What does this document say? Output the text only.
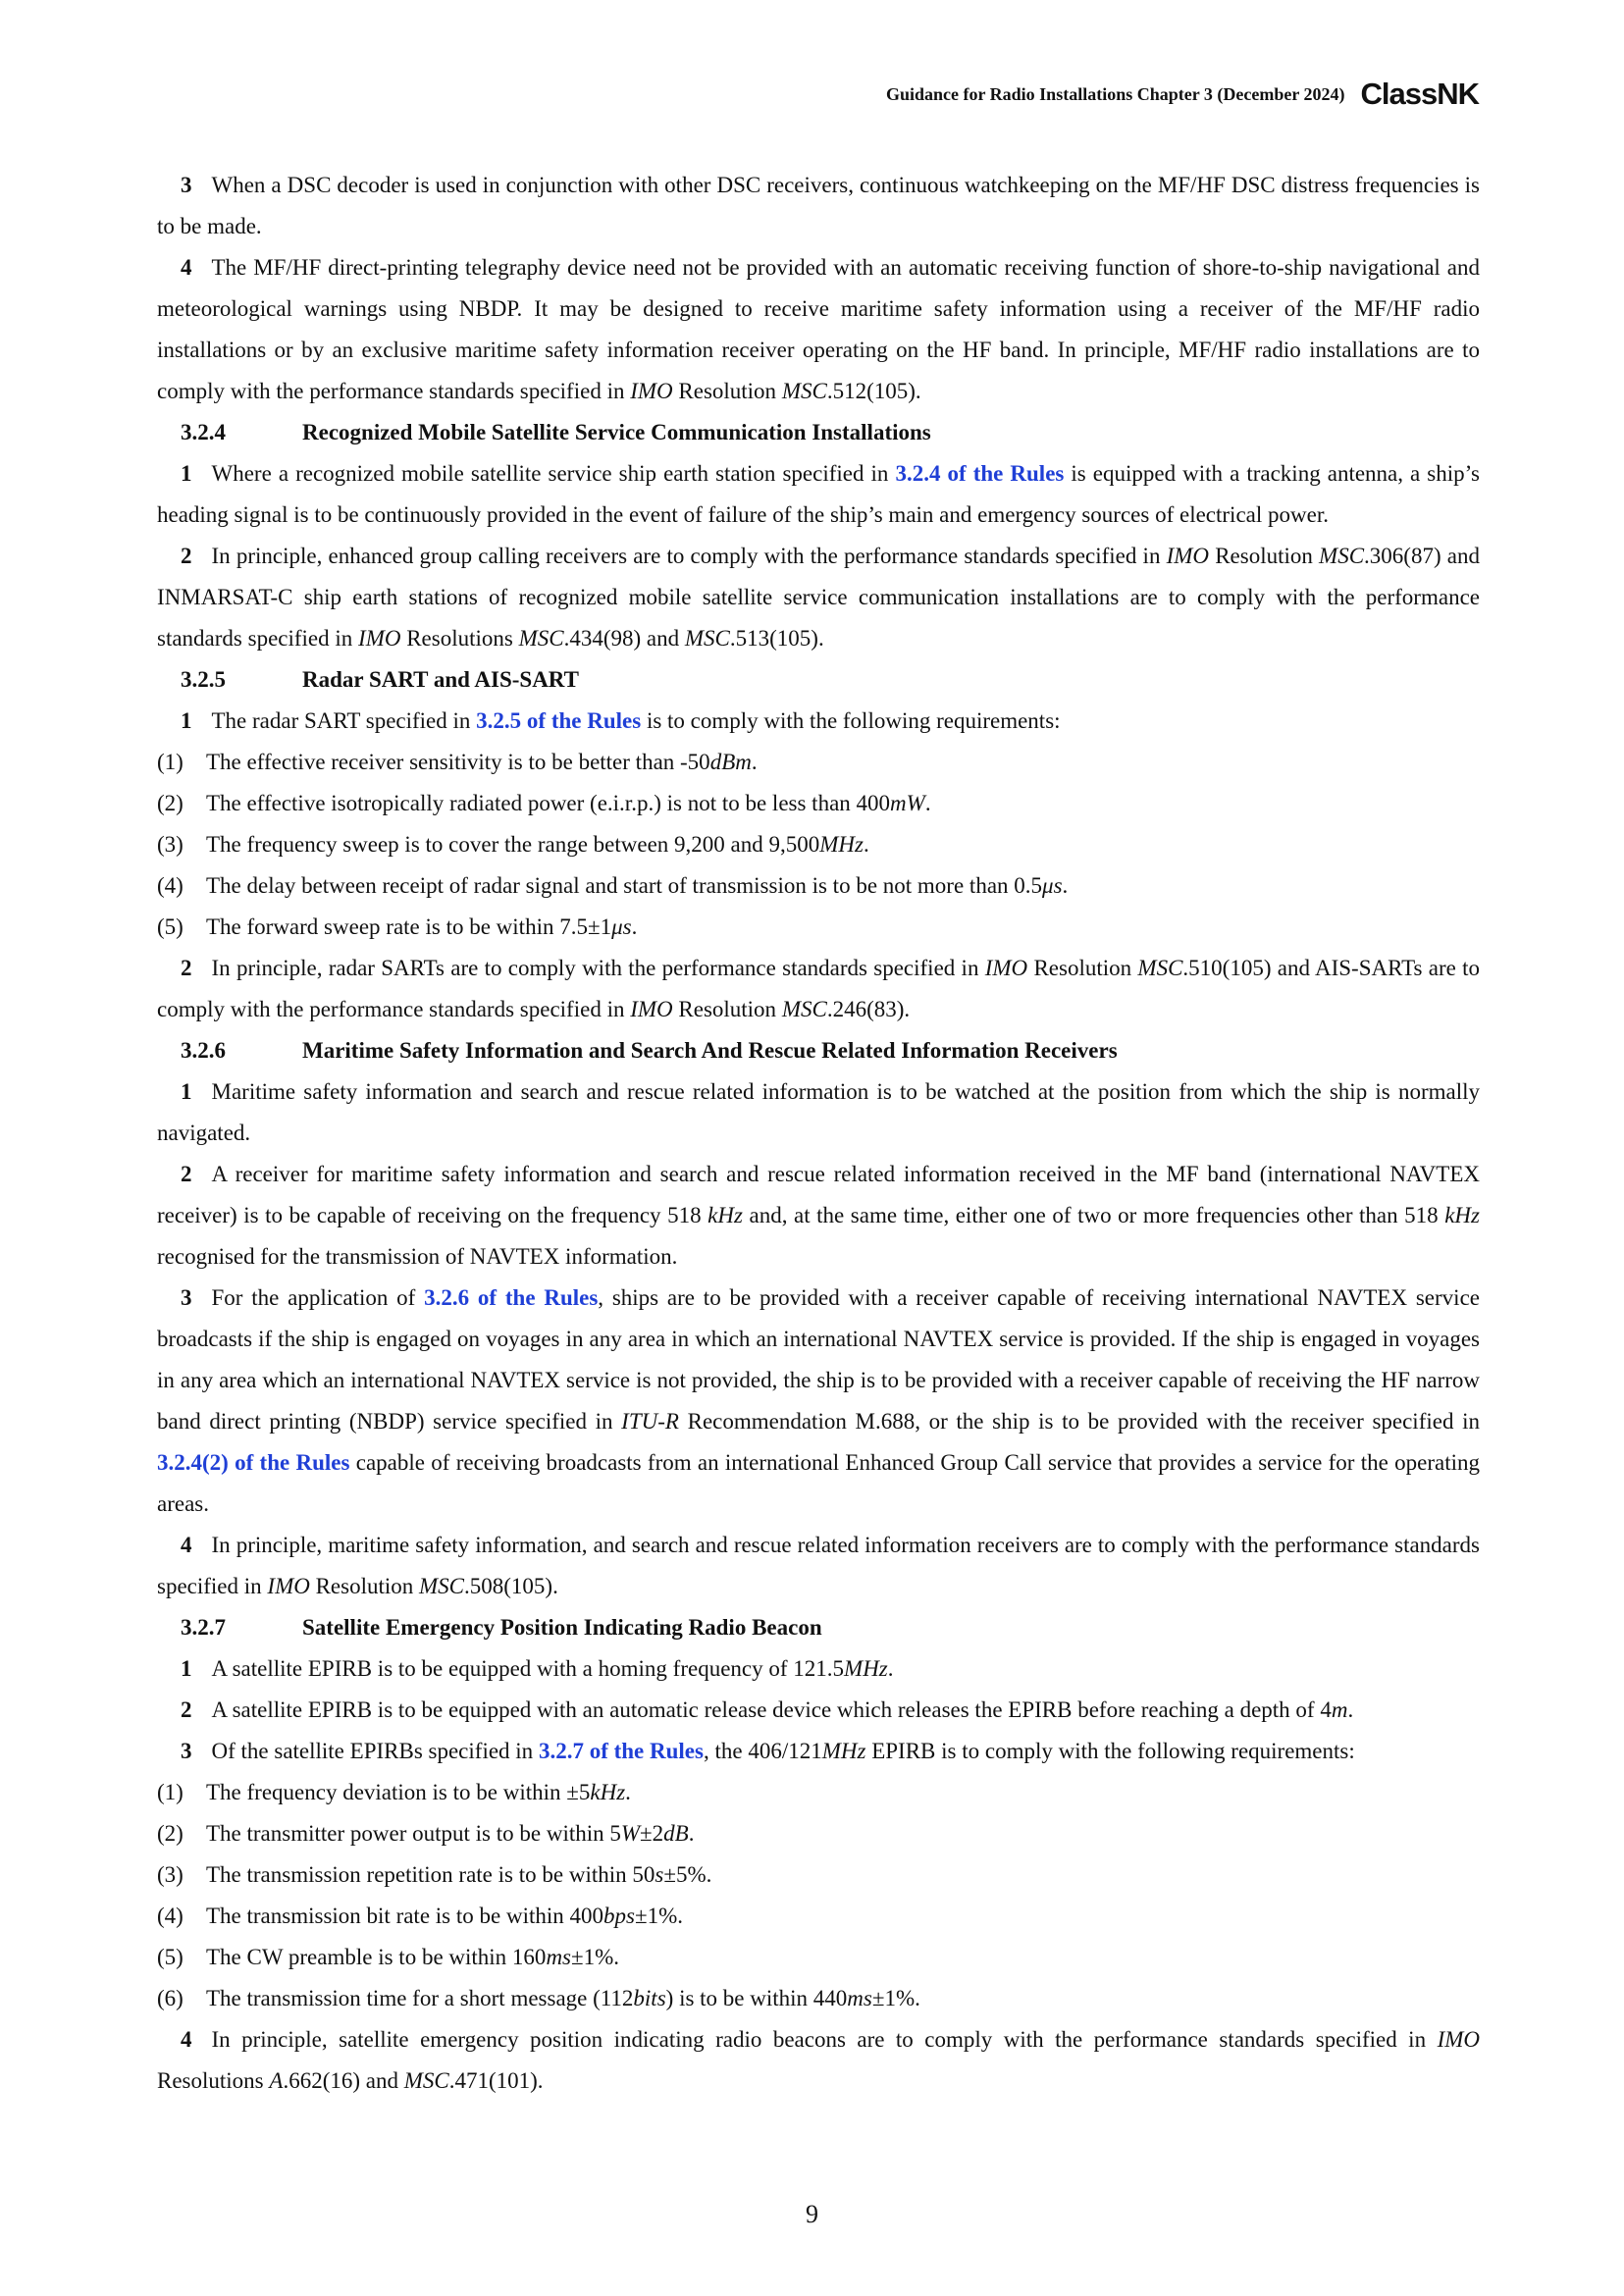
Guidance for Radio Installations Chapter 3 (December 2024) ClassNK

3 When a DSC decoder is used in conjunction with other DSC receivers, continuous watchkeeping on the MF/HF DSC distress frequencies is to be made.

4 The MF/HF direct-printing telegraphy device need not be provided with an automatic receiving function of shore-to-ship navigational and meteorological warnings using NBDP. It may be designed to receive maritime safety information using a receiver of the MF/HF radio installations or by an exclusive maritime safety information receiver operating on the HF band. In principle, MF/HF radio installations are to comply with the performance standards specified in IMO Resolution MSC.512(105).

3.2.4	Recognized Mobile Satellite Service Communication Installations

1 Where a recognized mobile satellite service ship earth station specified in 3.2.4 of the Rules is equipped with a tracking antenna, a ship’s heading signal is to be continuously provided in the event of failure of the ship’s main and emergency sources of electrical power.

2 In principle, enhanced group calling receivers are to comply with the performance standards specified in IMO Resolution MSC.306(87) and INMARSAT-C ship earth stations of recognized mobile satellite service communication installations are to comply with the performance standards specified in IMO Resolutions MSC.434(98) and MSC.513(105).

3.2.5	Radar SART and AIS-SART

1 The radar SART specified in 3.2.5 of the Rules is to comply with the following requirements:

(1)	The effective receiver sensitivity is to be better than -50dBm.
(2)	The effective isotropically radiated power (e.i.r.p.) is not to be less than 400mW.
(3)	The frequency sweep is to cover the range between 9,200 and 9,500MHz.
(4)	The delay between receipt of radar signal and start of transmission is to be not more than 0.5μs.
(5)	The forward sweep rate is to be within 7.5±1μs.

2 In principle, radar SARTs are to comply with the performance standards specified in IMO Resolution MSC.510(105) and AIS-SARTs are to comply with the performance standards specified in IMO Resolution MSC.246(83).

3.2.6	Maritime Safety Information and Search And Rescue Related Information Receivers

1 Maritime safety information and search and rescue related information is to be watched at the position from which the ship is normally navigated.

2 A receiver for maritime safety information and search and rescue related information received in the MF band (international NAVTEX receiver) is to be capable of receiving on the frequency 518 kHz and, at the same time, either one of two or more frequencies other than 518 kHz recognised for the transmission of NAVTEX information.

3 For the application of 3.2.6 of the Rules, ships are to be provided with a receiver capable of receiving international NAVTEX service broadcasts if the ship is engaged on voyages in any area in which an international NAVTEX service is provided. If the ship is engaged in voyages in any area which an international NAVTEX service is not provided, the ship is to be provided with a receiver capable of receiving the HF narrow band direct printing (NBDP) service specified in ITU-R Recommendation M.688, or the ship is to be provided with the receiver specified in 3.2.4(2) of the Rules capable of receiving broadcasts from an international Enhanced Group Call service that provides a service for the operating areas.

4 In principle, maritime safety information, and search and rescue related information receivers are to comply with the performance standards specified in IMO Resolution MSC.508(105).

3.2.7	Satellite Emergency Position Indicating Radio Beacon

1 A satellite EPIRB is to be equipped with a homing frequency of 121.5MHz.

2 A satellite EPIRB is to be equipped with an automatic release device which releases the EPIRB before reaching a depth of 4m.

3 Of the satellite EPIRBs specified in 3.2.7 of the Rules, the 406/121MHz EPIRB is to comply with the following requirements:

(1)	The frequency deviation is to be within ±5kHz.
(2)	The transmitter power output is to be within 5W±2dB.
(3)	The transmission repetition rate is to be within 50s±5%.
(4)	The transmission bit rate is to be within 400bps±1%.
(5)	The CW preamble is to be within 160ms±1%.
(6)	The transmission time for a short message (112bits) is to be within 440ms±1%.

4 In principle, satellite emergency position indicating radio beacons are to comply with the performance standards specified in IMO Resolutions A.662(16) and MSC.471(101).

9
